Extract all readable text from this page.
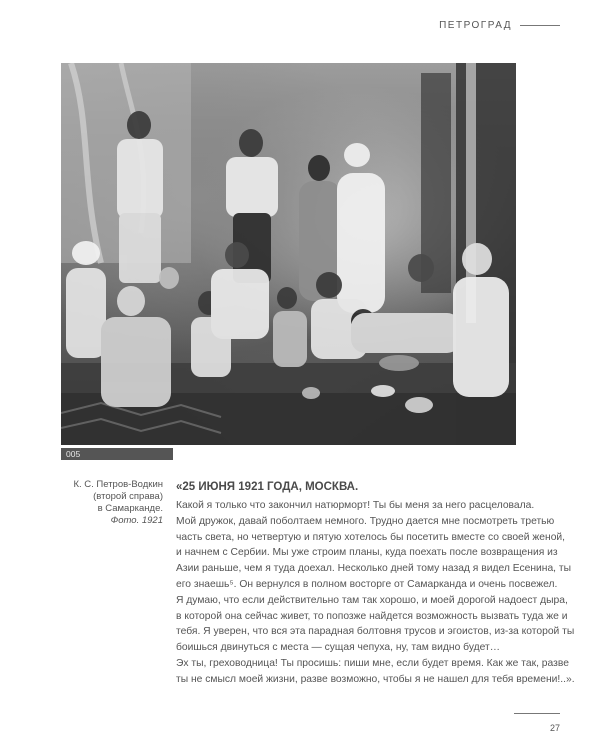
ПЕТРОГРАД
005
К. С. Петров-Водкин
(второй справа)
в Самарканде.
Фото. 1921

«25 ИЮНЯ 1921 ГОДА, МОСКВА.

Какой я только что закончил натюрморт! Ты бы меня за него расцеловала.
Мой дружок, давай поболтаем немного. Трудно дается мне посмотреть третью
часть света, но четвертую и пятую хотелось бы посетить вместе со своей женой,
и начнем с Сербии. Мы уже строим планы, куда поехать после возвращения из
Азии раньше, чем я туда доехал. Несколько дней тому назад я видел Есенина, ты
его знаешь⁵. Он вернулся в полном восторге от Самарканда и очень посвежел.
Я думаю, что если действительно там так хорошо, и моей дорогой надоест дыра,
в которой она сейчас живет, то попозже найдется возможность вызвать туда же и
тебя. Я уверен, что вся эта парадная болтовня трусов и эгоистов, из-за которой ты
боишься двинуться с места — сущая чепуха, ну, там видно будет…
Эх ты, греховодница! Ты просишь: пиши мне, если будет время. Как же так, разве
ты не смысл моей жизни, разве возможно, чтобы я не нашел для тебя времени!..».

27
